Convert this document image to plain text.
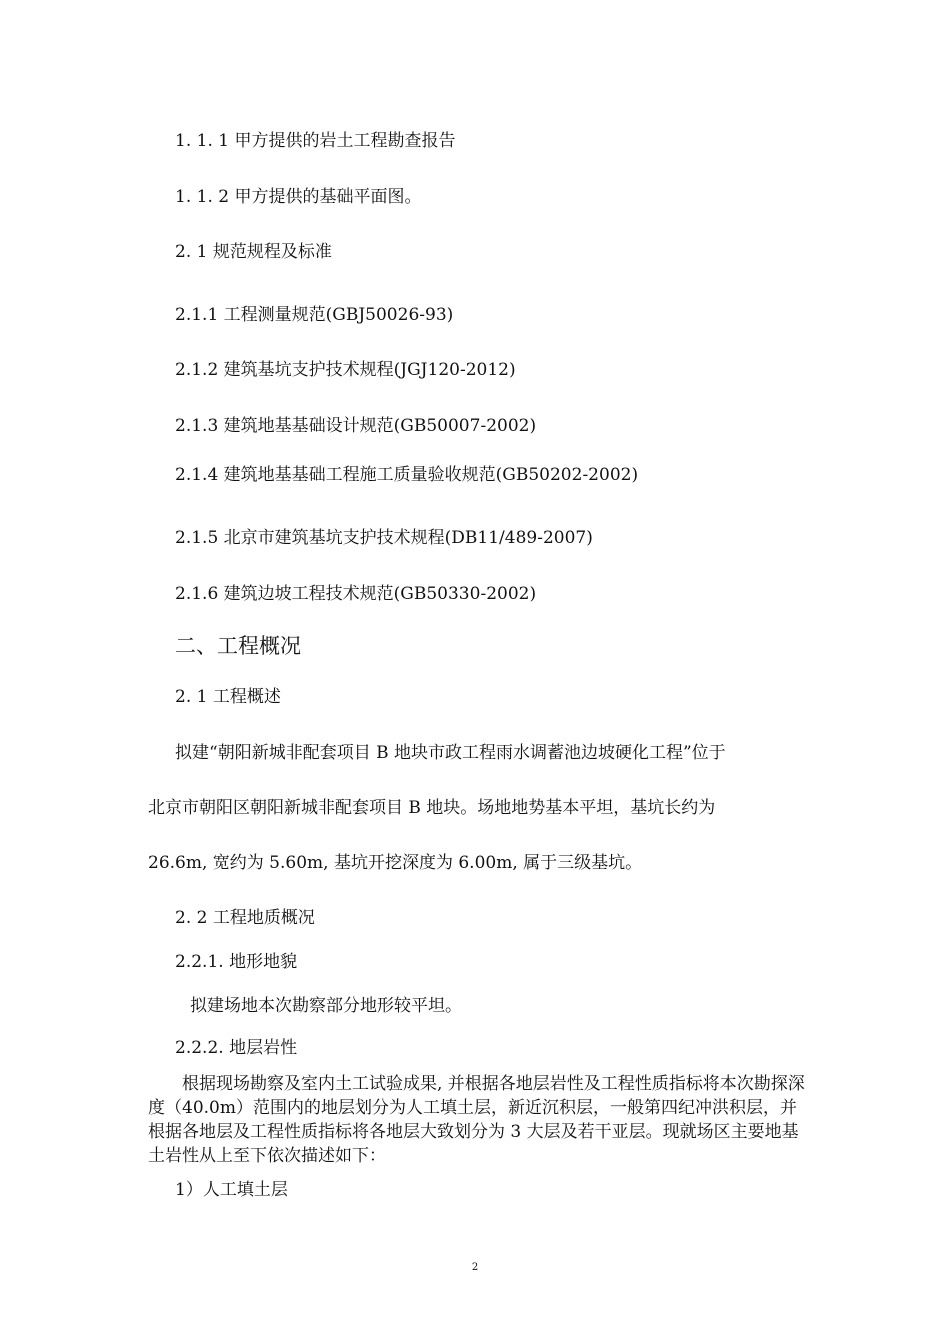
1. 1. 1 甲方提供的岩土工程勘查报告
1. 1. 2 甲方提供的基础平面图。
2. 1 规范规程及标准
2.1.1 工程测量规范(GBJ50026-93)
2.1.2 建筑基坑支护技术规程(JGJ120-2012)
2.1.3 建筑地基基础设计规范(GB50007-2002)
2.1.4 建筑地基基础工程施工质量验收规范(GB50202-2002)
2.1.5 北京市建筑基坑支护技术规程(DB11/489-2007)
2.1.6 建筑边坡工程技术规范(GB50330-2002)
二、工程概况
2. 1 工程概述
拟建“朝阳新城非配套项目 B 地块市政工程雨水调蓄池边坡硬化工程”位于
北京市朝阳区朝阳新城非配套项目 B 地块。场地地势基本平坦，基坑长约为
26.6m, 宽约为 5.60m, 基坑开挖深度为 6.00m, 属于三级基坑。
2. 2 工程地质概况
2.2.1. 地形地貌
拟建场地本次勘察部分地形较平坦。
2.2.2. 地层岩性
根据现场勘察及室内土工试验成果, 并根据各地层岩性及工程性质指标将本次勘探深度（40.0m）范围内的地层划分为人工填土层，新近沉积层，一般第四纪冲洪积层，并根据各地层及工程性质指标将各地层大致划分为 3 大层及若干亚层。现就场区主要地基土岩性从上至下依次描述如下：
1）人工填土层
2
